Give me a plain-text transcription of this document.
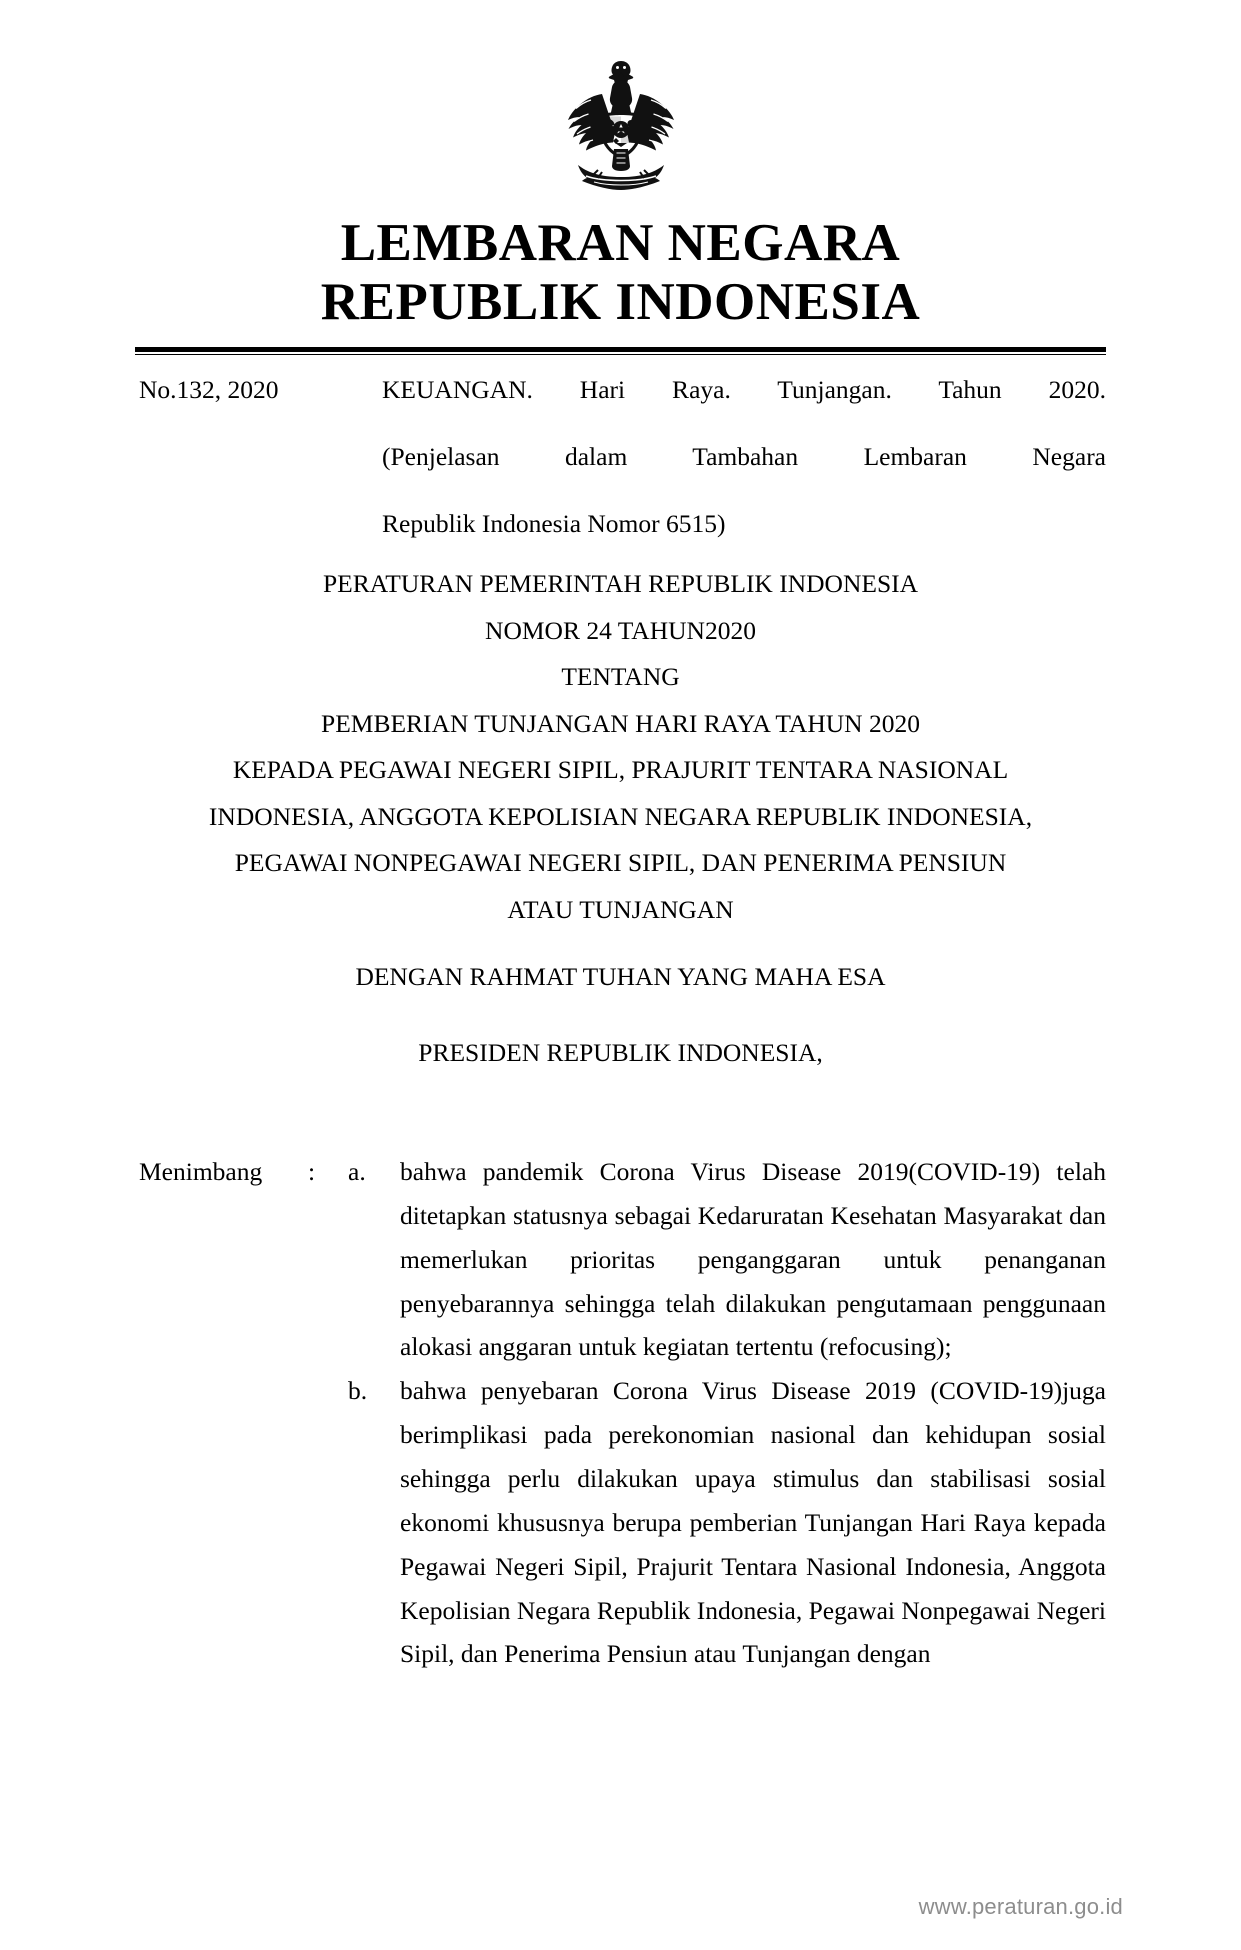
LEMBARAN NEGARA
REPUBLIK INDONESIA
No.132, 2020	KEUANGAN. Hari Raya. Tunjangan. Tahun 2020.

(Penjelasan dalam Tambahan Lembaran Negara

Republik Indonesia Nomor 6515)

PERATURAN PEMERINTAH REPUBLIK INDONESIA
NOMOR 24 TAHUN2020
TENTANG
PEMBERIAN TUNJANGAN HARI RAYA TAHUN 2020
KEPADA PEGAWAI NEGERI SIPIL, PRAJURIT TENTARA NASIONAL
INDONESIA, ANGGOTA KEPOLISIAN NEGARA REPUBLIK INDONESIA,
PEGAWAI NONPEGAWAI NEGERI SIPIL, DAN PENERIMA PENSIUN
ATAU TUNJANGAN
DENGAN RAHMAT TUHAN YANG MAHA ESA
PRESIDEN REPUBLIK INDONESIA,
Menimbang	:	a.	bahwa pandemik Corona Virus Disease 2019(COVID-19) telah ditetapkan statusnya sebagai Kedaruratan Kesehatan Masyarakat dan memerlukan prioritas penganggaran untuk penanganan penyebarannya sehingga telah dilakukan pengutamaan penggunaan alokasi anggaran untuk kegiatan tertentu (refocusing);
b.	bahwa penyebaran Corona Virus Disease 2019 (COVID-19)juga berimplikasi pada perekonomian nasional dan kehidupan sosial sehingga perlu dilakukan upaya stimulus dan stabilisasi sosial ekonomi khususnya berupa pemberian Tunjangan Hari Raya kepada Pegawai Negeri Sipil, Prajurit Tentara Nasional Indonesia, Anggota Kepolisian Negara Republik Indonesia, Pegawai Nonpegawai Negeri Sipil, dan Penerima Pensiun atau Tunjangan dengan
www.peraturan.go.id
